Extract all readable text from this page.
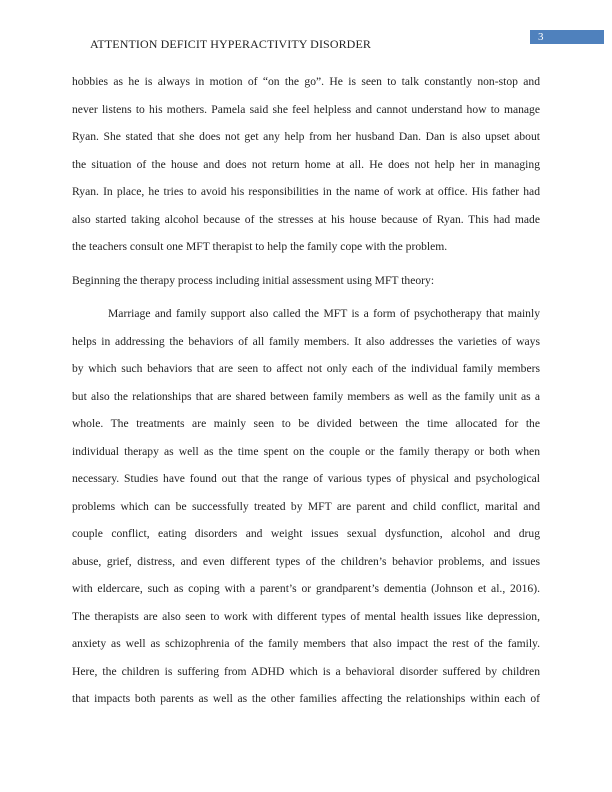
3
ATTENTION DEFICIT HYPERACTIVITY DISORDER
hobbies as he is always in motion of “on the go”. He is seen to talk constantly non-stop and
never listens to his mothers. Pamela said she feel helpless and cannot understand how to manage
Ryan. She stated that she does not get any help from her husband Dan. Dan is also upset about
the situation of the house and does not return home at all. He does not help her in managing
Ryan. In place, he tries to avoid his responsibilities in the name of work at office. His father had
also started taking alcohol because of the stresses at his house because of Ryan. This had made
the teachers consult one MFT therapist to help the family cope with the problem.
Beginning the therapy process including initial assessment using MFT theory:
Marriage and family support also called the MFT is a form of psychotherapy that mainly
helps in addressing the behaviors of all family members. It also addresses the varieties of ways
by which such behaviors that are seen to affect not only each of the individual family members
but also the relationships that are shared between family members as well as the family unit as a
whole. The treatments are mainly seen to be divided between the time allocated for the
individual therapy as well as the time spent on the couple or the family therapy or both when
necessary. Studies have found out that the range of various types of physical and psychological
problems which can be successfully treated by MFT are parent and child conflict, marital and
couple conflict, eating disorders and weight issues sexual dysfunction, alcohol and drug
abuse, grief, distress, and even different types of the children’s behavior problems, and issues
with eldercare, such as coping with a parent’s or grandparent’s dementia (Johnson et al., 2016).
The therapists are also seen to work with different types of mental health issues like depression,
anxiety as well as schizophrenia of the family members that also impact the rest of the family.
Here, the children is suffering from ADHD which is a behavioral disorder suffered by children
that impacts both parents as well as the other families affecting the relationships within each of
